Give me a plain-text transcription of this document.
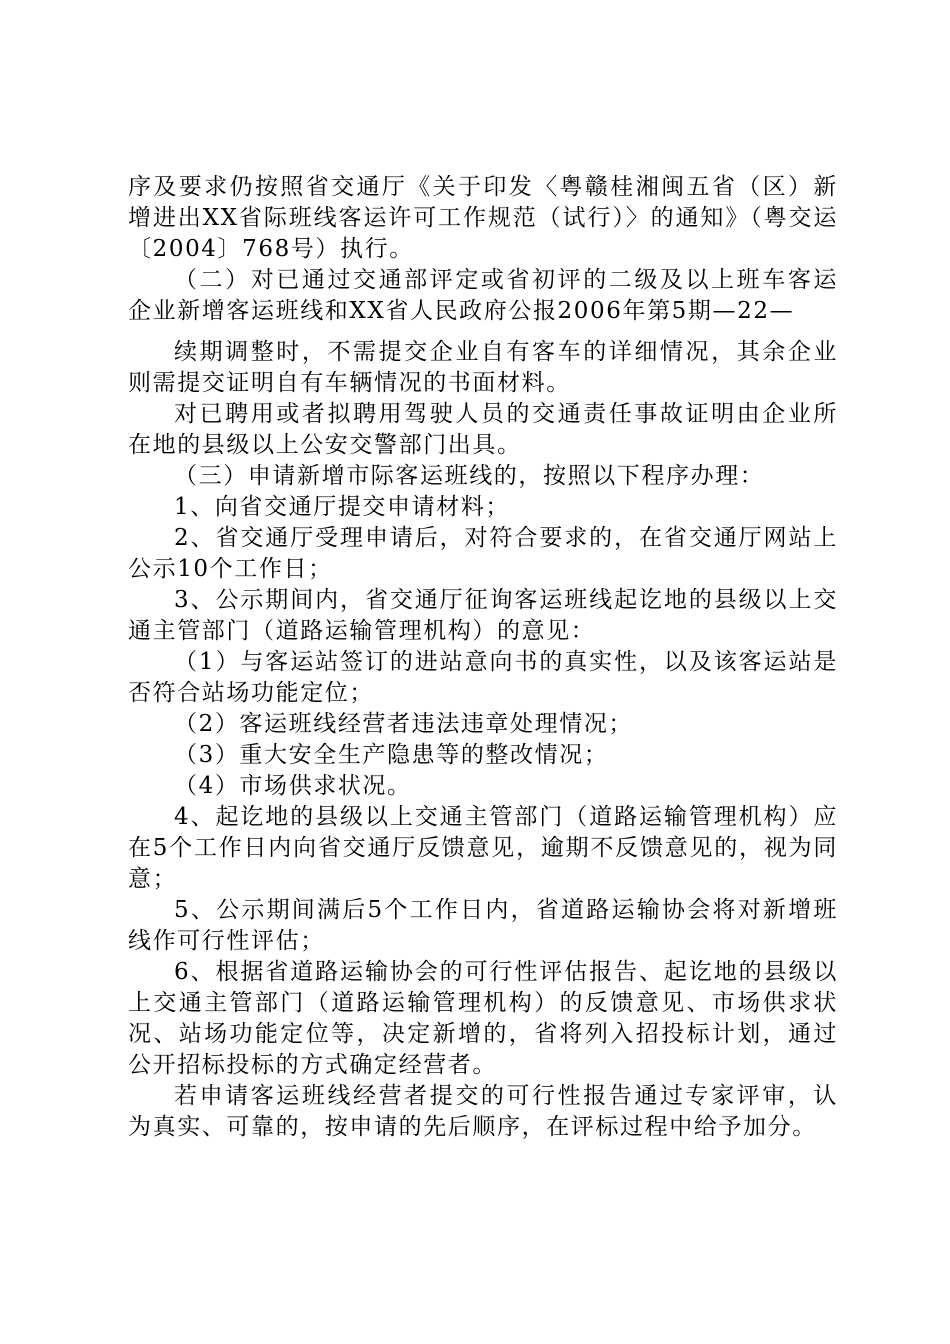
序及要求仍按照省交通厅《关于印发〈粤赣桂湘闽五省（区）新增进出XX省际班线客运许可工作规范（试行）〉的通知》（粤交运〔2004〕768号）执行。

（二）对已通过交通部评定或省初评的二级及以上班车客运企业新增客运班线和XX省人民政府公报2006年第5期—22—

续期调整时，不需提交企业自有客车的详细情况，其余企业则需提交证明自有车辆情况的书面材料。

对已聘用或者拟聘用驾驶人员的交通责任事故证明由企业所在地的县级以上公安交警部门出具。

（三）申请新增市际客运班线的，按照以下程序办理：

1、向省交通厅提交申请材料；

2、省交通厅受理申请后，对符合要求的，在省交通厅网站上公示10个工作日；

3、公示期间内，省交通厅征询客运班线起讫地的县级以上交通主管部门（道路运输管理机构）的意见：

（1）与客运站签订的进站意向书的真实性，以及该客运站是否符合站场功能定位；

（2）客运班线经营者违法违章处理情况；

（3）重大安全生产隐患等的整改情况；

（4）市场供求状况。

4、起讫地的县级以上交通主管部门（道路运输管理机构）应在5个工作日内向省交通厅反馈意见，逾期不反馈意见的，视为同意；

5、公示期间满后5个工作日内，省道路运输协会将对新增班线作可行性评估；

6、根据省道路运输协会的可行性评估报告、起讫地的县级以上交通主管部门（道路运输管理机构）的反馈意见、市场供求状况、站场功能定位等，决定新增的，省将列入招投标计划，通过公开招标投标的方式确定经营者。

若申请客运班线经营者提交的可行性报告通过专家评审，认为真实、可靠的，按申请的先后顺序，在评标过程中给予加分。
